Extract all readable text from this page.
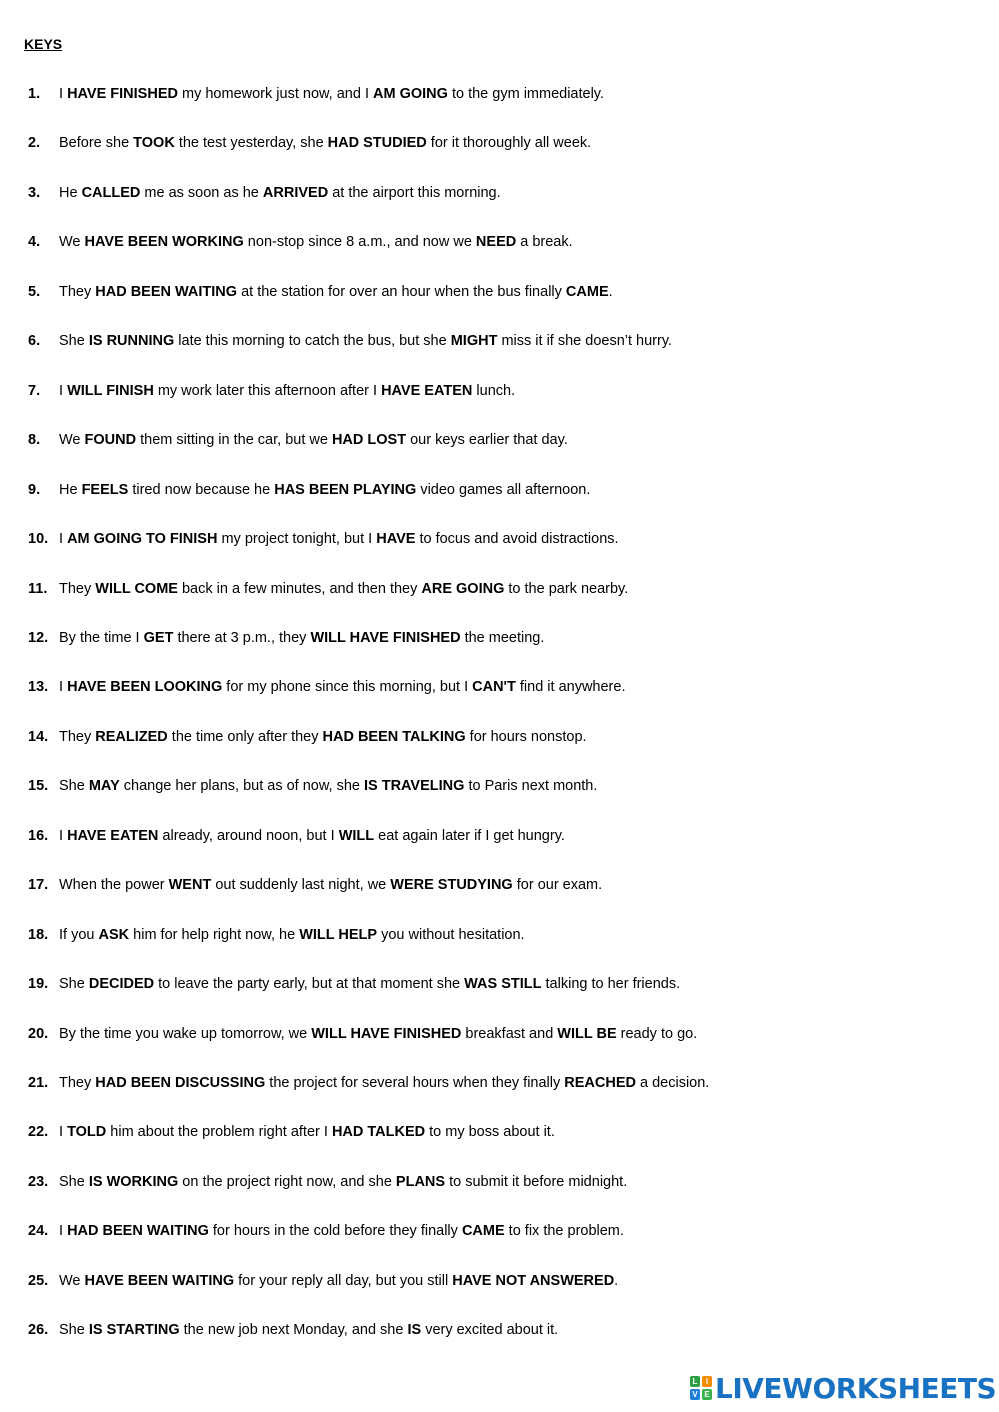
KEYS
1.	I HAVE FINISHED my homework just now, and I AM GOING to the gym immediately.
2.	Before she TOOK the test yesterday, she HAD STUDIED for it thoroughly all week.
3.	He CALLED me as soon as he ARRIVED at the airport this morning.
4.	We HAVE BEEN WORKING non-stop since 8 a.m., and now we NEED a break.
5.	They HAD BEEN WAITING at the station for over an hour when the bus finally CAME.
6.	She IS RUNNING late this morning to catch the bus, but she MIGHT miss it if she doesn’t hurry.
7.	I WILL FINISH my work later this afternoon after I HAVE EATEN lunch.
8.	We FOUND them sitting in the car, but we HAD LOST our keys earlier that day.
9.	He FEELS tired now because he HAS BEEN PLAYING video games all afternoon.
10. I AM GOING TO FINISH my project tonight, but I HAVE to focus and avoid distractions.
11. They WILL COME back in a few minutes, and then they ARE GOING to the park nearby.
12. By the time I GET there at 3 p.m., they WILL HAVE FINISHED the meeting.
13. I HAVE BEEN LOOKING for my phone since this morning, but I CAN'T find it anywhere.
14. They REALIZED the time only after they HAD BEEN TALKING for hours nonstop.
15. She MAY change her plans, but as of now, she IS TRAVELING to Paris next month.
16. I HAVE EATEN already, around noon, but I WILL eat again later if I get hungry.
17. When the power WENT out suddenly last night, we WERE STUDYING for our exam.
18. If you ASK him for help right now, he WILL HELP you without hesitation.
19. She DECIDED to leave the party early, but at that moment she WAS STILL talking to her friends.
20. By the time you wake up tomorrow, we WILL HAVE FINISHED breakfast and WILL BE ready to go.
21. They HAD BEEN DISCUSSING the project for several hours when they finally REACHED a decision.
22. I TOLD him about the problem right after I HAD TALKED to my boss about it.
23. She IS WORKING on the project right now, and she PLANS to submit it before midnight.
24. I HAD BEEN WAITING for hours in the cold before they finally CAME to fix the problem.
25. We HAVE BEEN WAITING for your reply all day, but you still HAVE NOT ANSWERED.
26. She IS STARTING the new job next Monday, and she IS very excited about it.
L	I
V E LIVEWORKSHEETS
